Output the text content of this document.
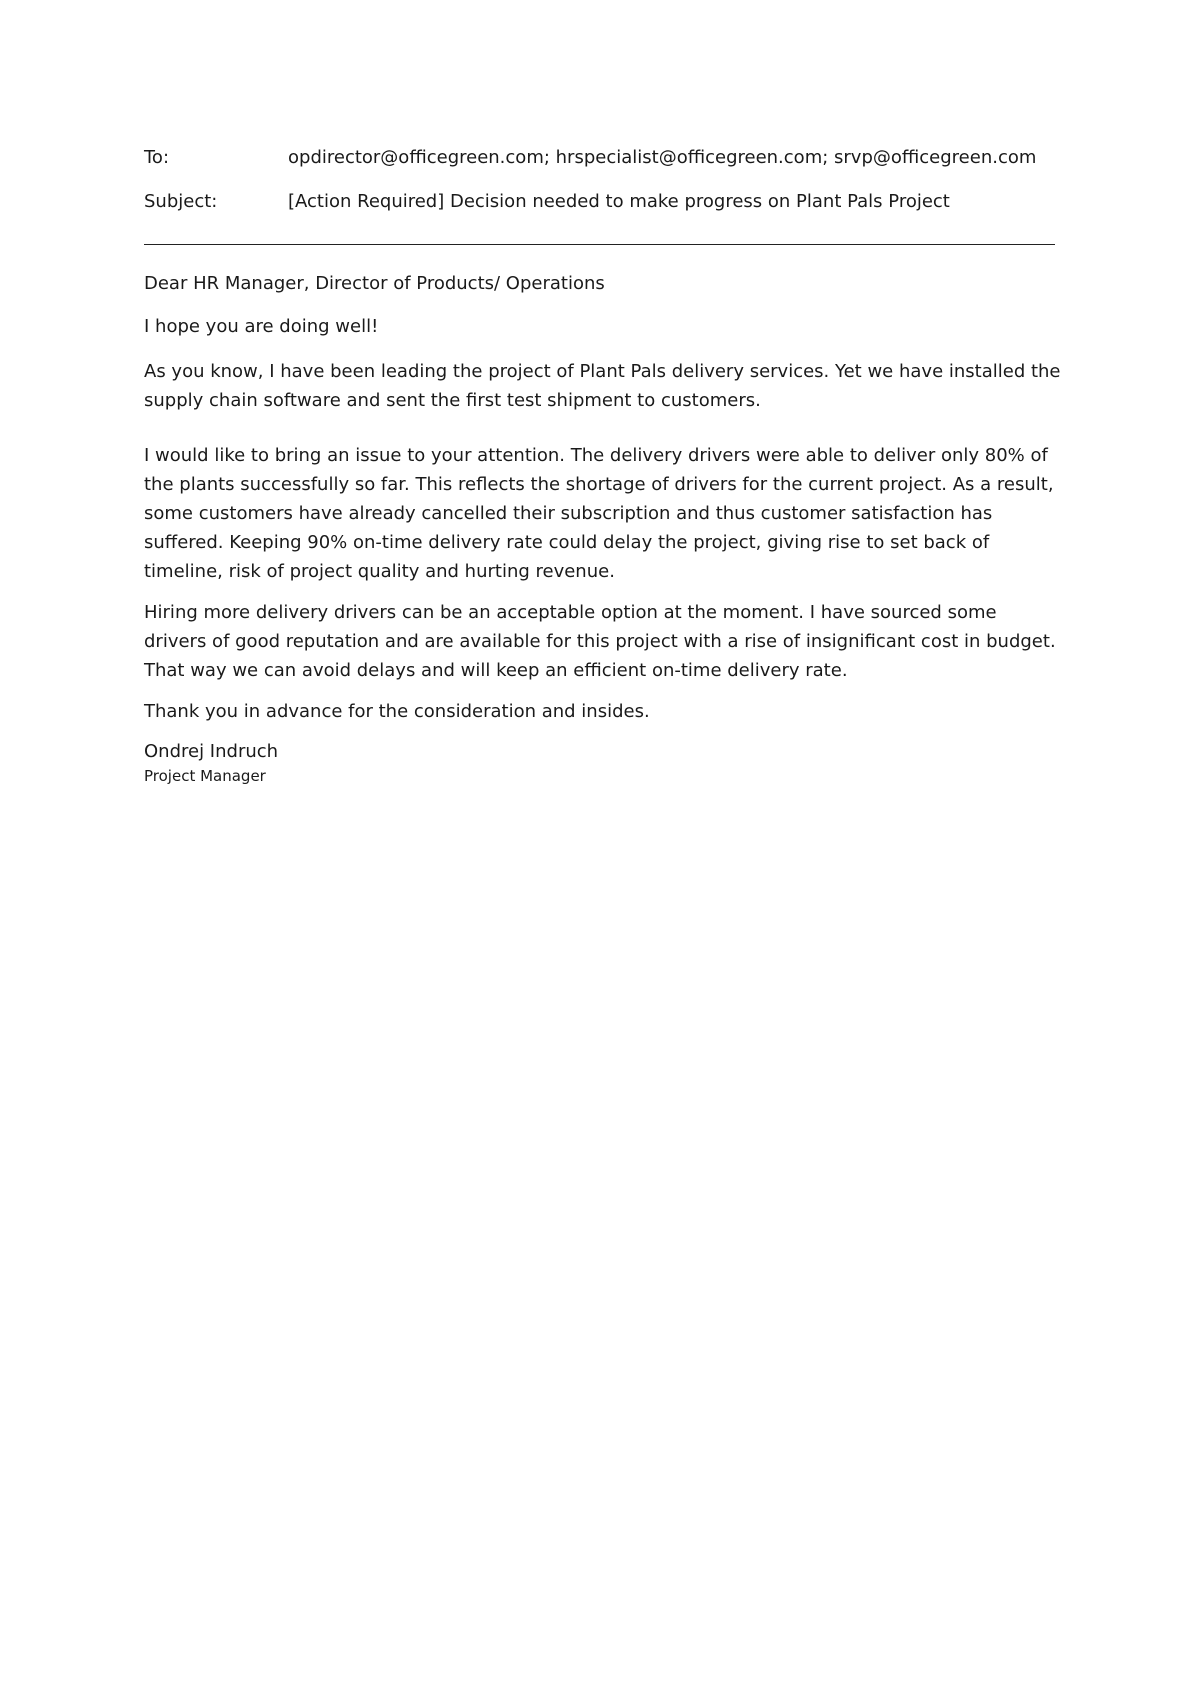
To:	opdirector@officegreen.com; hrspecialist@officegreen.com; srvp@officegreen.com
Subject:	[Action Required] Decision needed to make progress on Plant Pals Project

Dear HR Manager, Director of Products/ Operations

I hope you are doing well!

As you know, I have been leading the project of Plant Pals delivery services. Yet we have installed the supply chain software and sent the first test shipment to customers.

I would like to bring an issue to your attention. The delivery drivers were able to deliver only 80% of the plants successfully so far. This reflects the shortage of drivers for the current project. As a result, some customers have already cancelled their subscription and thus customer satisfaction has suffered. Keeping 90% on-time delivery rate could delay the project, giving rise to set back of timeline, risk of project quality and hurting revenue.

Hiring more delivery drivers can be an acceptable option at the moment. I have sourced some drivers of good reputation and are available for this project with a rise of insignificant cost in budget. That way we can avoid delays and will keep an efficient on-time delivery rate.

Thank you in advance for the consideration and insides.

Ondrej Indruch

Project Manager
